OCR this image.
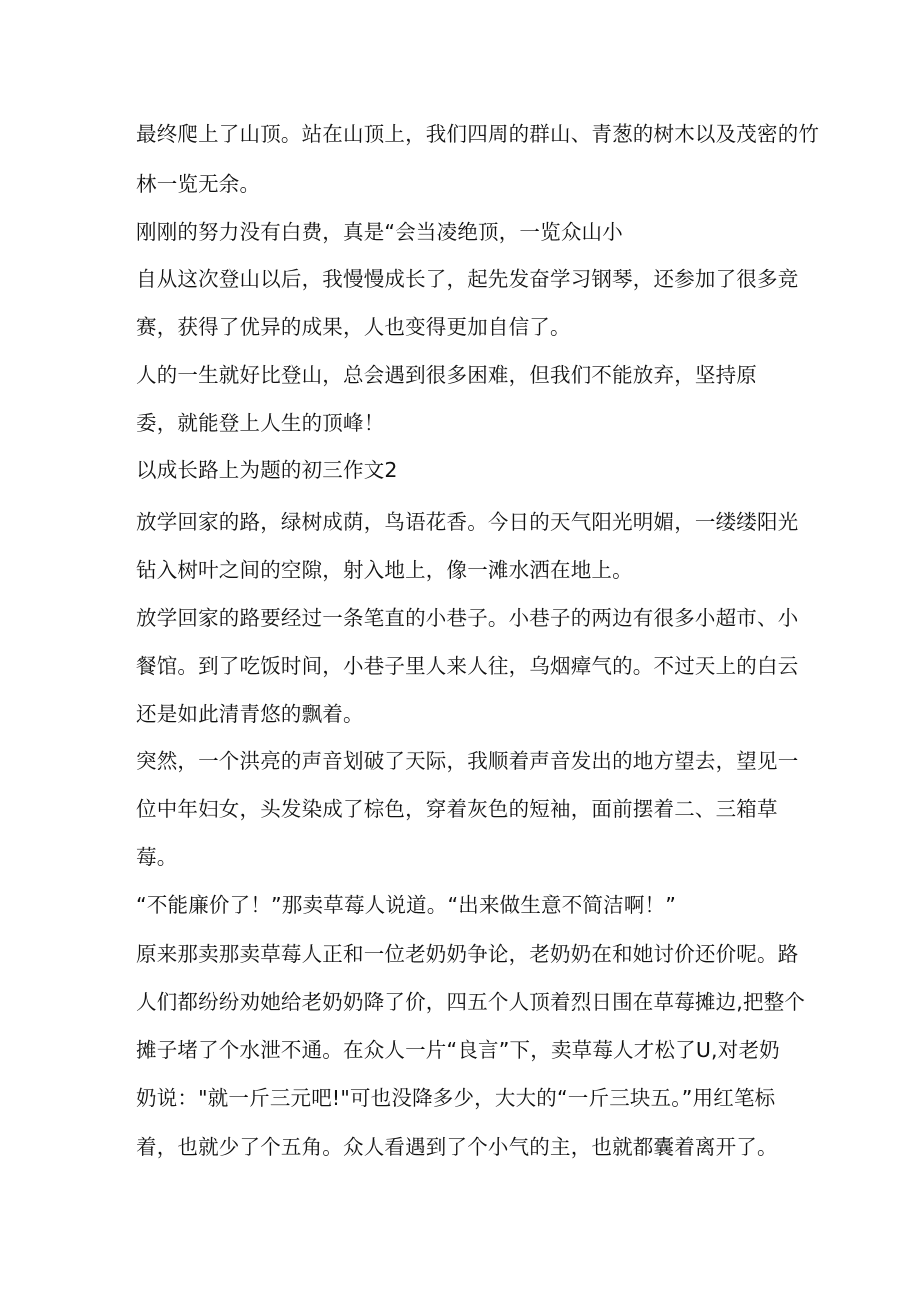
最终爬上了山顶。站在山顶上，我们四周的群山、青葱的树木以及茂密的竹
林一览无余。
刚刚的努力没有白费，真是“会当凌绝顶，一览众山小
自从这次登山以后，我慢慢成长了，起先发奋学习钢琴，还参加了很多竞
赛，获得了优异的成果，人也变得更加自信了。
人的一生就好比登山，总会遇到很多困难，但我们不能放弃，坚持原
委，就能登上人生的顶峰！
以成长路上为题的初三作文2
放学回家的路，绿树成荫，鸟语花香。今日的天气阳光明媚，一缕缕阳光
钻入树叶之间的空隙，射入地上，像一滩水洒在地上。
放学回家的路要经过一条笔直的小巷子。小巷子的两边有很多小超市、小
餐馆。到了吃饭时间，小巷子里人来人往，乌烟瘴气的。不过天上的白云
还是如此清青悠的飘着。
突然，一个洪亮的声音划破了天际，我顺着声音发出的地方望去，望见一
位中年妇女，头发染成了棕色，穿着灰色的短袖，面前摆着二、三箱草
莓。
“不能廉价了！”那卖草莓人说道。“出来做生意不简洁啊！”
原来那卖那卖草莓人正和一位老奶奶争论，老奶奶在和她讨价还价呢。路
人们都纷纷劝她给老奶奶降了价，四五个人顶着烈日围在草莓摊边,把整个
摊子堵了个水泄不通。在众人一片“良言”下，卖草莓人才松了U,对老奶
奶说："就一斤三元吧!"可也没降多少，大大的“一斤三块五。”用红笔标
着，也就少了个五角。众人看遇到了个小气的主，也就都囊着离开了。
